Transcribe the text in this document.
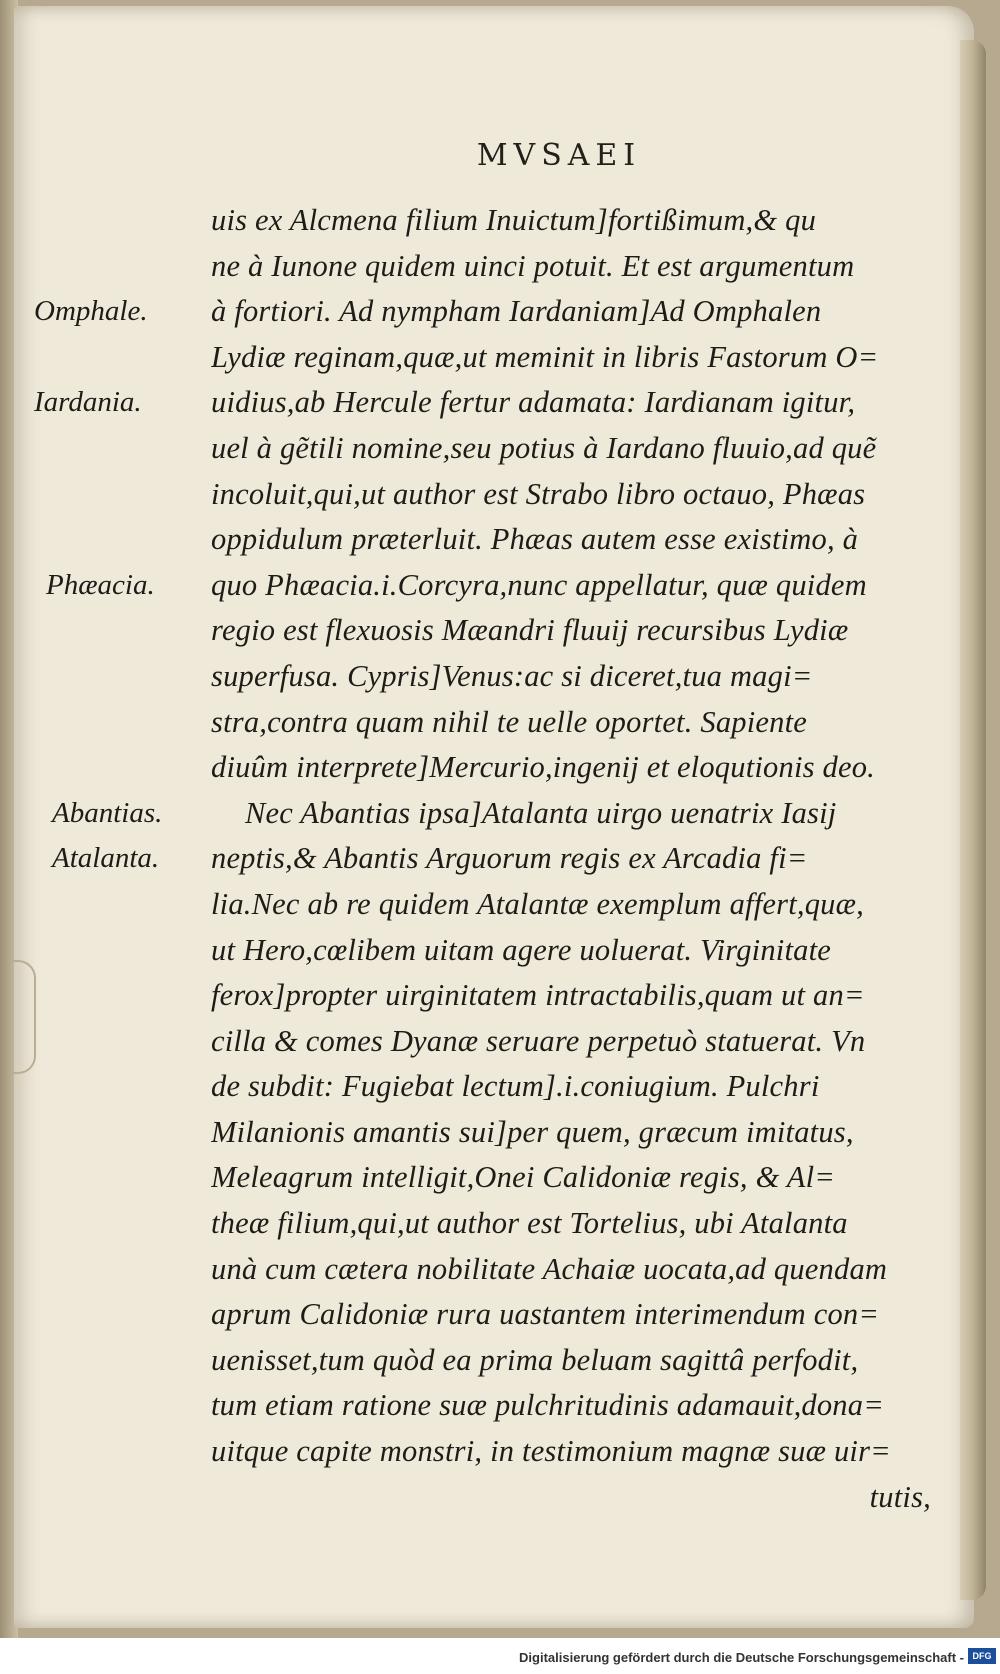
MVSAEI
Omphale.
Iardania.
Phæacia.
Abantias.
Atalanta.
uis ex Alcmena filium Inuictum]fortißimum,& qu
ne à Iunone quidem uinci potuit. Et est argumentum
à fortiori. Ad nympham Iardaniam]Ad Omphalen
Lydiæ reginam,quæ,ut meminit in libris Fastorum O=
uidius,ab Hercule fertur adamata: Iardianam igitur,
uel à gẽtili nomine,seu potius à Iardano fluuio,ad quẽ
incoluit,qui,ut author est Strabo libro octauo, Phæas
oppidulum præterluit. Phæas autem esse existimo, à
quo Phæacia.i.Corcyra,nunc appellatur, quæ quidem
regio est flexuosis Mæandri fluuij recursibus Lydiæ
superfusa. Cypris]Venus:ac si diceret,tua magi=
stra,contra quam nihil te uelle oportet. Sapiente
diuûm interprete]Mercurio,ingenij et eloqutionis deo.
Nec Abantias ipsa]Atalanta uirgo uenatrix Iasij
neptis,& Abantis Arguorum regis ex Arcadia fi=
lia.Nec ab re quidem Atalantæ exemplum affert,quæ,
ut Hero,cœlibem uitam agere uoluerat. Virginitate
ferox]propter uirginitatem intractabilis,quam ut an=
cilla & comes Dyanæ seruare perpetuò statuerat. Vn
de subdit: Fugiebat lectum].i.coniugium. Pulchri
Milanionis amantis sui]per quem, græcum imitatus,
Meleagrum intelligit,Onei Calidoniæ regis, & Al=
theæ filium,qui,ut author est Tortelius, ubi Atalanta
unà cum cætera nobilitate Achaiæ uocata,ad quendam
aprum Calidoniæ rura uastantem interimendum con=
uenisset,tum quòd ea prima beluam sagittâ perfodit,
tum etiam ratione suæ pulchritudinis adamauit,dona=
uitque capite monstri, in testimonium magnæ suæ uir=
tutis,
Digitalisierung gefördert durch die Deutsche Forschungsgemeinschaft - DFG
